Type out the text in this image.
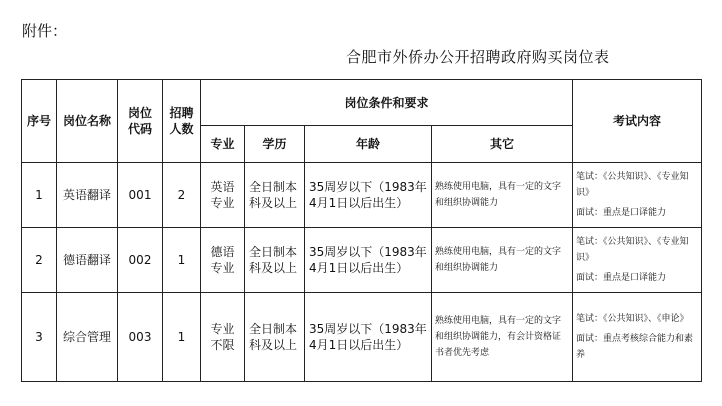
附件：
合肥市外侨办公开招聘政府购买岗位表
序号	岗位名称	岗位代码	招聘人数	岗位条件和要求				考试内容
				专业	学历	年龄	其它	
1	英语翻译	001	2	英语专业	全日制本科及以上	35周岁以下（1983年4月1日以后出生）	熟练使用电脑，具有一定的文字和组织协调能力	笔试：《公共知识》、《专业知识》
面试：重点是口译能力

2	德语翻译	002	1	德语专业	全日制本科及以上	35周岁以下（1983年4月1日以后出生）	熟练使用电脑，具有一定的文字和组织协调能力	笔试：《公共知识》、《专业知识》
面试：重点是口译能力

3	综合管理	003	1	专业不限	全日制本科及以上	35周岁以下（1983年4月1日以后出生）	熟练使用电脑，具有一定的文字和组织协调能力，有会计资格证书者优先考虑	笔试：《公共知识》、《申论》
面试：重点考核综合能力和素养
